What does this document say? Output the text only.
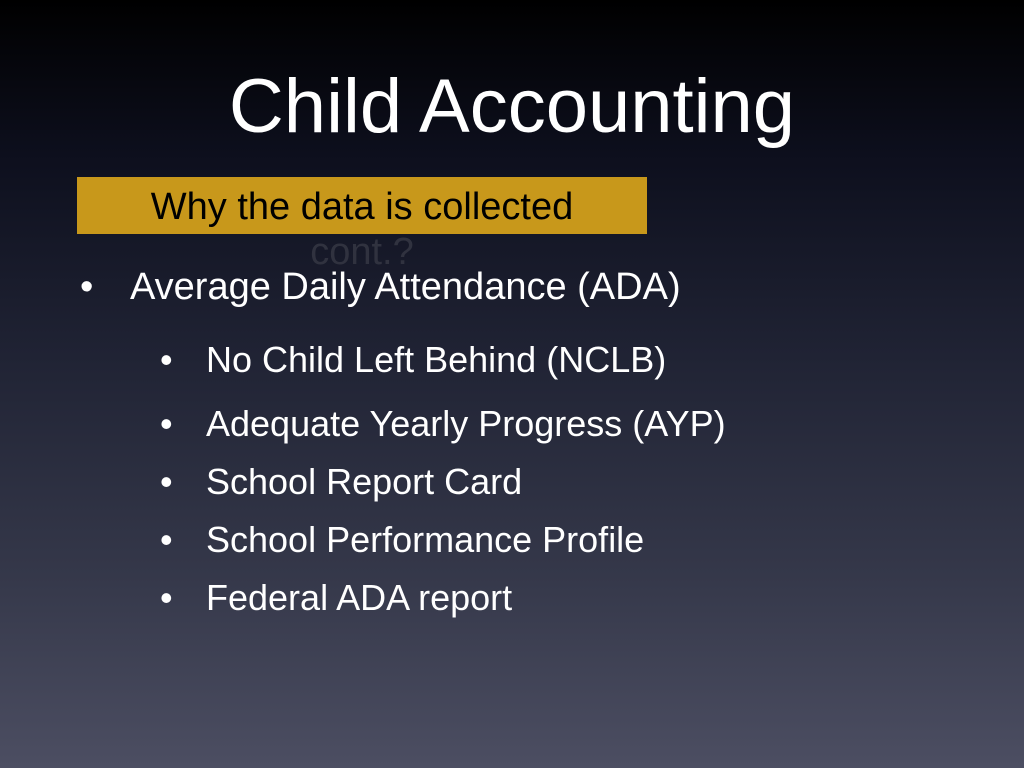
Child Accounting
cont.?
Why the data is collected
• Average Daily Attendance (ADA)
• No Child Left Behind (NCLB)
• Adequate Yearly Progress (AYP)
• School Report Card
• School Performance Profile
• Federal ADA report
